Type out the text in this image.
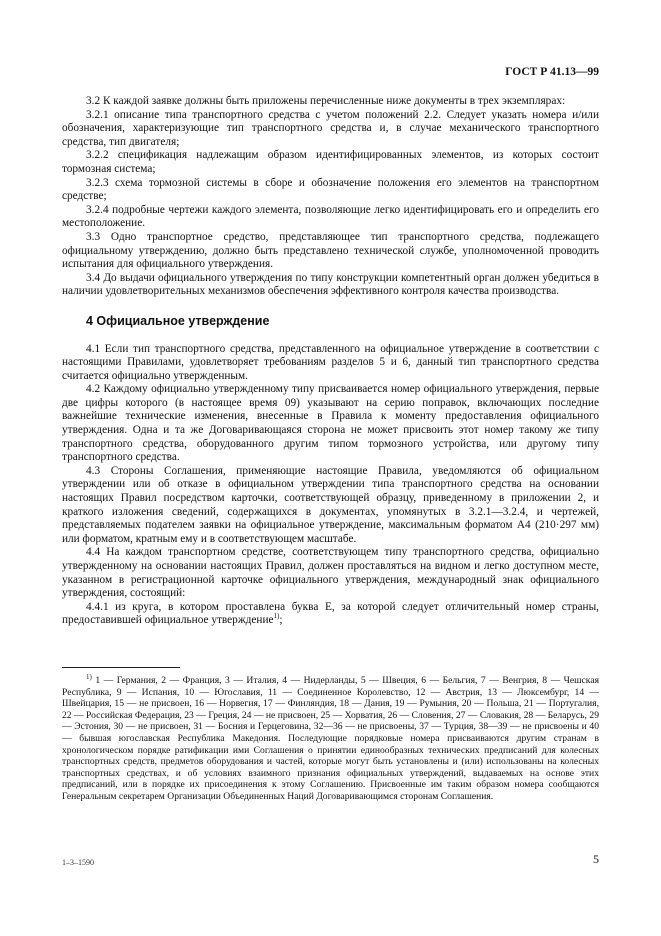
ГОСТ Р 41.13—99

3.2 К каждой заявке должны быть приложены перечисленные ниже документы в трех экземплярах:

3.2.1 описание типа транспортного средства с учетом положений 2.2. Следует указать номера и/или обозначения, характеризующие тип транспортного средства и, в случае механического транспортного средства, тип двигателя;

3.2.2 спецификация надлежащим образом идентифицированных элементов, из которых состоит тормозная система;

3.2.3 схема тормозной системы в сборе и обозначение положения его элементов на транспортном средстве;

3.2.4 подробные чертежи каждого элемента, позволяющие легко идентифицировать его и определить его местоположение.

3.3 Одно транспортное средство, представляющее тип транспортного средства, подлежащего официальному утверждению, должно быть представлено технической службе, уполномоченной проводить испытания для официального утверждения.

3.4 До выдачи официального утверждения по типу конструкции компетентный орган должен убедиться в наличии удовлетворительных механизмов обеспечения эффективного контроля качества производства.

4 Официальное утверждение

4.1 Если тип транспортного средства, представленного на официальное утверждение в соответствии с настоящими Правилами, удовлетворяет требованиям разделов 5 и 6, данный тип транспортного средства считается официально утвержденным.

4.2 Каждому официально утвержденному типу присваивается номер официального утверждения, первые две цифры которого (в настоящее время 09) указывают на серию поправок, включающих последние важнейшие технические изменения, внесенные в Правила к моменту предоставления официального утверждения. Одна и та же Договаривающаяся сторона не может присвоить этот номер такому же типу транспортного средства, оборудованного другим типом тормозного устройства, или другому типу транспортного средства.

4.3 Стороны Соглашения, применяющие настоящие Правила, уведомляются об официальном утверждении или об отказе в официальном утверждении типа транспортного средства на основании настоящих Правил посредством карточки, соответствующей образцу, приведенному в приложении 2, и краткого изложения сведений, содержащихся в документах, упомянутых в 3.2.1—3.2.4, и чертежей, представляемых подателем заявки на официальное утверждение, максимальным форматом А4 (210·297 мм) или форматом, кратным ему и в соответствующем масштабе.

4.4 На каждом транспортном средстве, соответствующем типу транспортного средства, официально утвержденному на основании настоящих Правил, должен проставляться на видном и легко доступном месте, указанном в регистрационной карточке официального утверждения, международный знак официального утверждения, состоящий:

4.4.1 из круга, в котором проставлена буква Е, за которой следует отличительный номер страны, предоставившей официальное утверждение$^{1)}$;

$^{1)}$ 1 — Германия, 2 — Франция, 3 — Италия, 4 — Нидерланды, 5 — Швеция, 6 — Бельгия, 7 — Венгрия, 8 — Чешская Республика, 9 — Испания, 10 — Югославия, 11 — Соединенное Королевство, 12 — Австрия, 13 — Люксембург, 14 — Швейцария, 15 — не присвоен, 16 — Норвегия, 17 — Финляндия, 18 — Дания, 19 — Румыния, 20 — Польша, 21 — Португалия, 22 — Российская Федерация, 23 — Греция, 24 — не присвоен, 25 — Хорватия, 26 — Словения, 27 — Словакия, 28 — Беларусь, 29 — Эстония, 30 — не присвоен, 31 — Босния и Герцеговина, 32—36 — не присвоены, 37 — Турция, 38—39 — не присвоены и 40 — бывшая югославская Республика Македония. Последующие порядковые номера присваиваются другим странам в хронологическом порядке ратификации ими Соглашения о принятии единообразных технических предписаний для колесных транспортных средств, предметов оборудования и частей, которые могут быть установлены и (или) использованы на колесных транспортных средствах, и об условиях взаимного признания официальных утверждений, выдаваемых на основе этих предписаний, или в порядке их присоединения к этому Соглашению. Присвоенные им таким образом номера сообщаются Генеральным секретарем Организации Объединенных Наций Договаривающимся сторонам Соглашения.

1–3–1590	5
